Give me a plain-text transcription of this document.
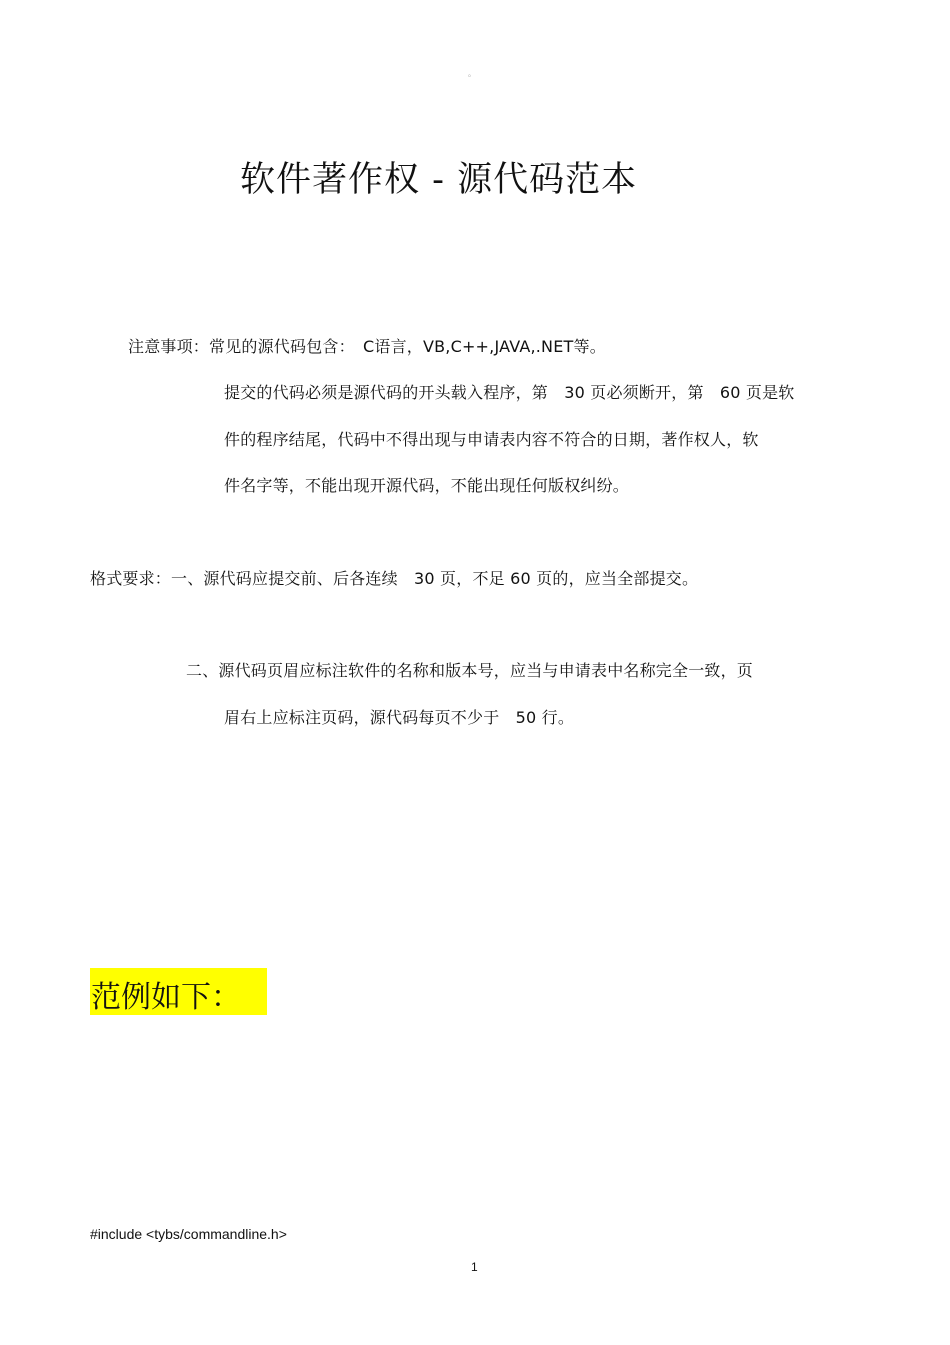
。
软件著作权 - 源代码范本
注意事项：常见的源代码包含：　C语言，VB,C++,JAVA,.NET等。
提交的代码必须是源代码的开头载入程序，第　30 页必须断开，第　60 页是软
件的程序结尾，代码中不得出现与申请表内容不符合的日期，著作权人，软
件名字等，不能出现开源代码，不能出现任何版权纠纷。
格式要求：一、源代码应提交前、后各连续　30 页，不足 60 页的，应当全部提交。
二、源代码页眉应标注软件的名称和版本号，应当与申请表中名称完全一致，页
眉右上应标注页码，源代码每页不少于　50 行。
范例如下：
#include <tybs/commandline.h>
1
